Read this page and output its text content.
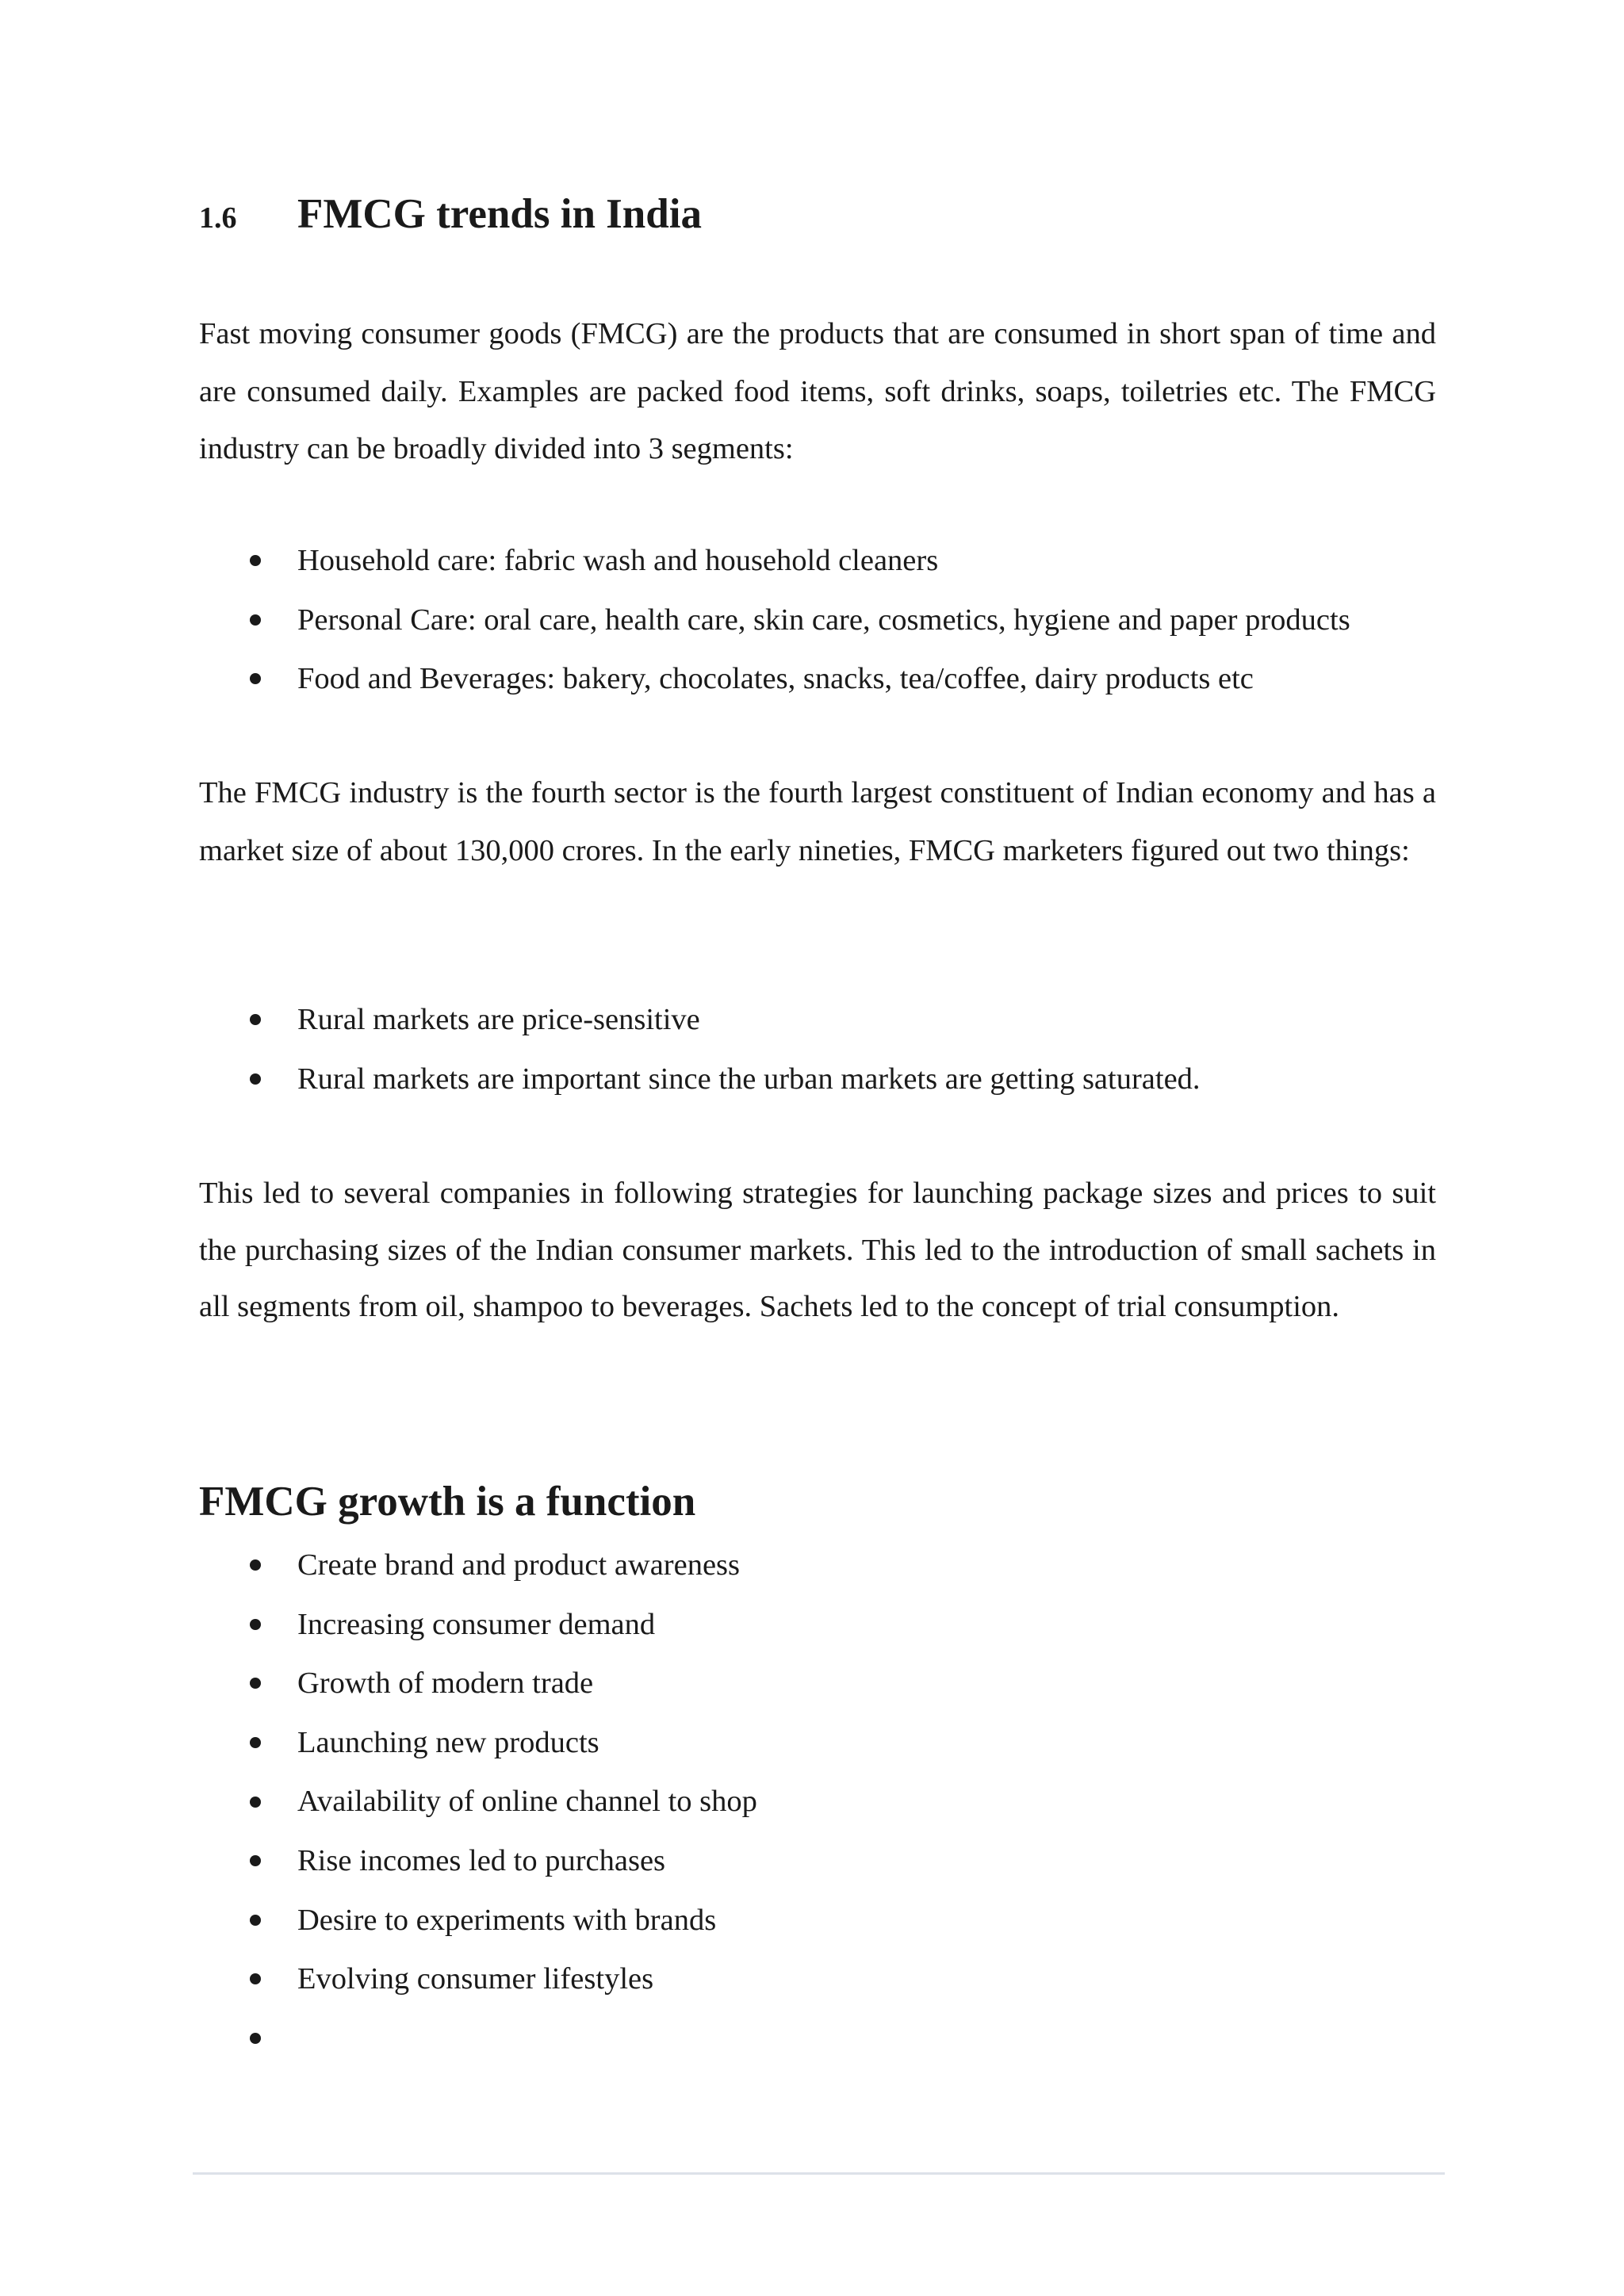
1.6 FMCG trends in India

Fast moving consumer goods (FMCG) are the products that are consumed in short span of time and are consumed daily. Examples are packed food items, soft drinks, soaps, toiletries etc. The FMCG industry can be broadly divided into 3 segments:

Household care: fabric wash and household cleaners
Personal Care: oral care, health care, skin care, cosmetics, hygiene and paper products
Food and Beverages: bakery, chocolates, snacks, tea/coffee, dairy products etc

The FMCG industry is the fourth sector is the fourth largest constituent of Indian economy and has a market size of about 130,000 crores. In the early nineties, FMCG marketers figured out two things:

Rural markets are price-sensitive
Rural markets are important since the urban markets are getting saturated.

This led to several companies in following strategies for launching package sizes and prices to suit the purchasing sizes of the Indian consumer markets. This led to the introduction of small sachets in all segments from oil, shampoo to beverages. Sachets led to the concept of trial consumption.

FMCG growth is a function
Create brand and product awareness
Increasing consumer demand
Growth of modern trade
Launching new products
Availability of online channel to shop
Rise incomes led to purchases
Desire to experiments with brands
Evolving consumer lifestyles
